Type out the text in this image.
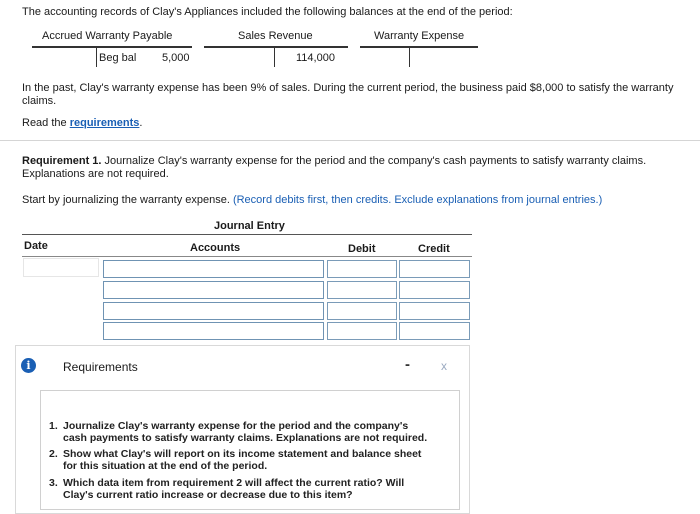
The accounting records of Clay's Appliances included the following balances at the end of the period:
Accrued Warranty Payable
Beg bal 5,000
Sales Revenue
114,000
Warranty Expense
In the past, Clay's warranty expense has been 9% of sales. During the current period, the business paid $8,000 to satisfy the warranty
claims.
Read the requirements.
Requirement 1. Journalize Clay's warranty expense for the period and the company's cash payments to satisfy warranty claims.
Explanations are not required.
Start by journalizing the warranty expense. (Record debits first, then credits. Exclude explanations from journal entries.)
Journal Entry
Date	Accounts	Debit	Credit
i	Requirements	-	x
1. Journalize Clay's warranty expense for the period and the company's cash payments to satisfy warranty claims. Explanations are not required.
2. Show what Clay's will report on its income statement and balance sheet for this situation at the end of the period.
3. Which data item from requirement 2 will affect the current ratio? Will Clay's current ratio increase or decrease due to this item?
